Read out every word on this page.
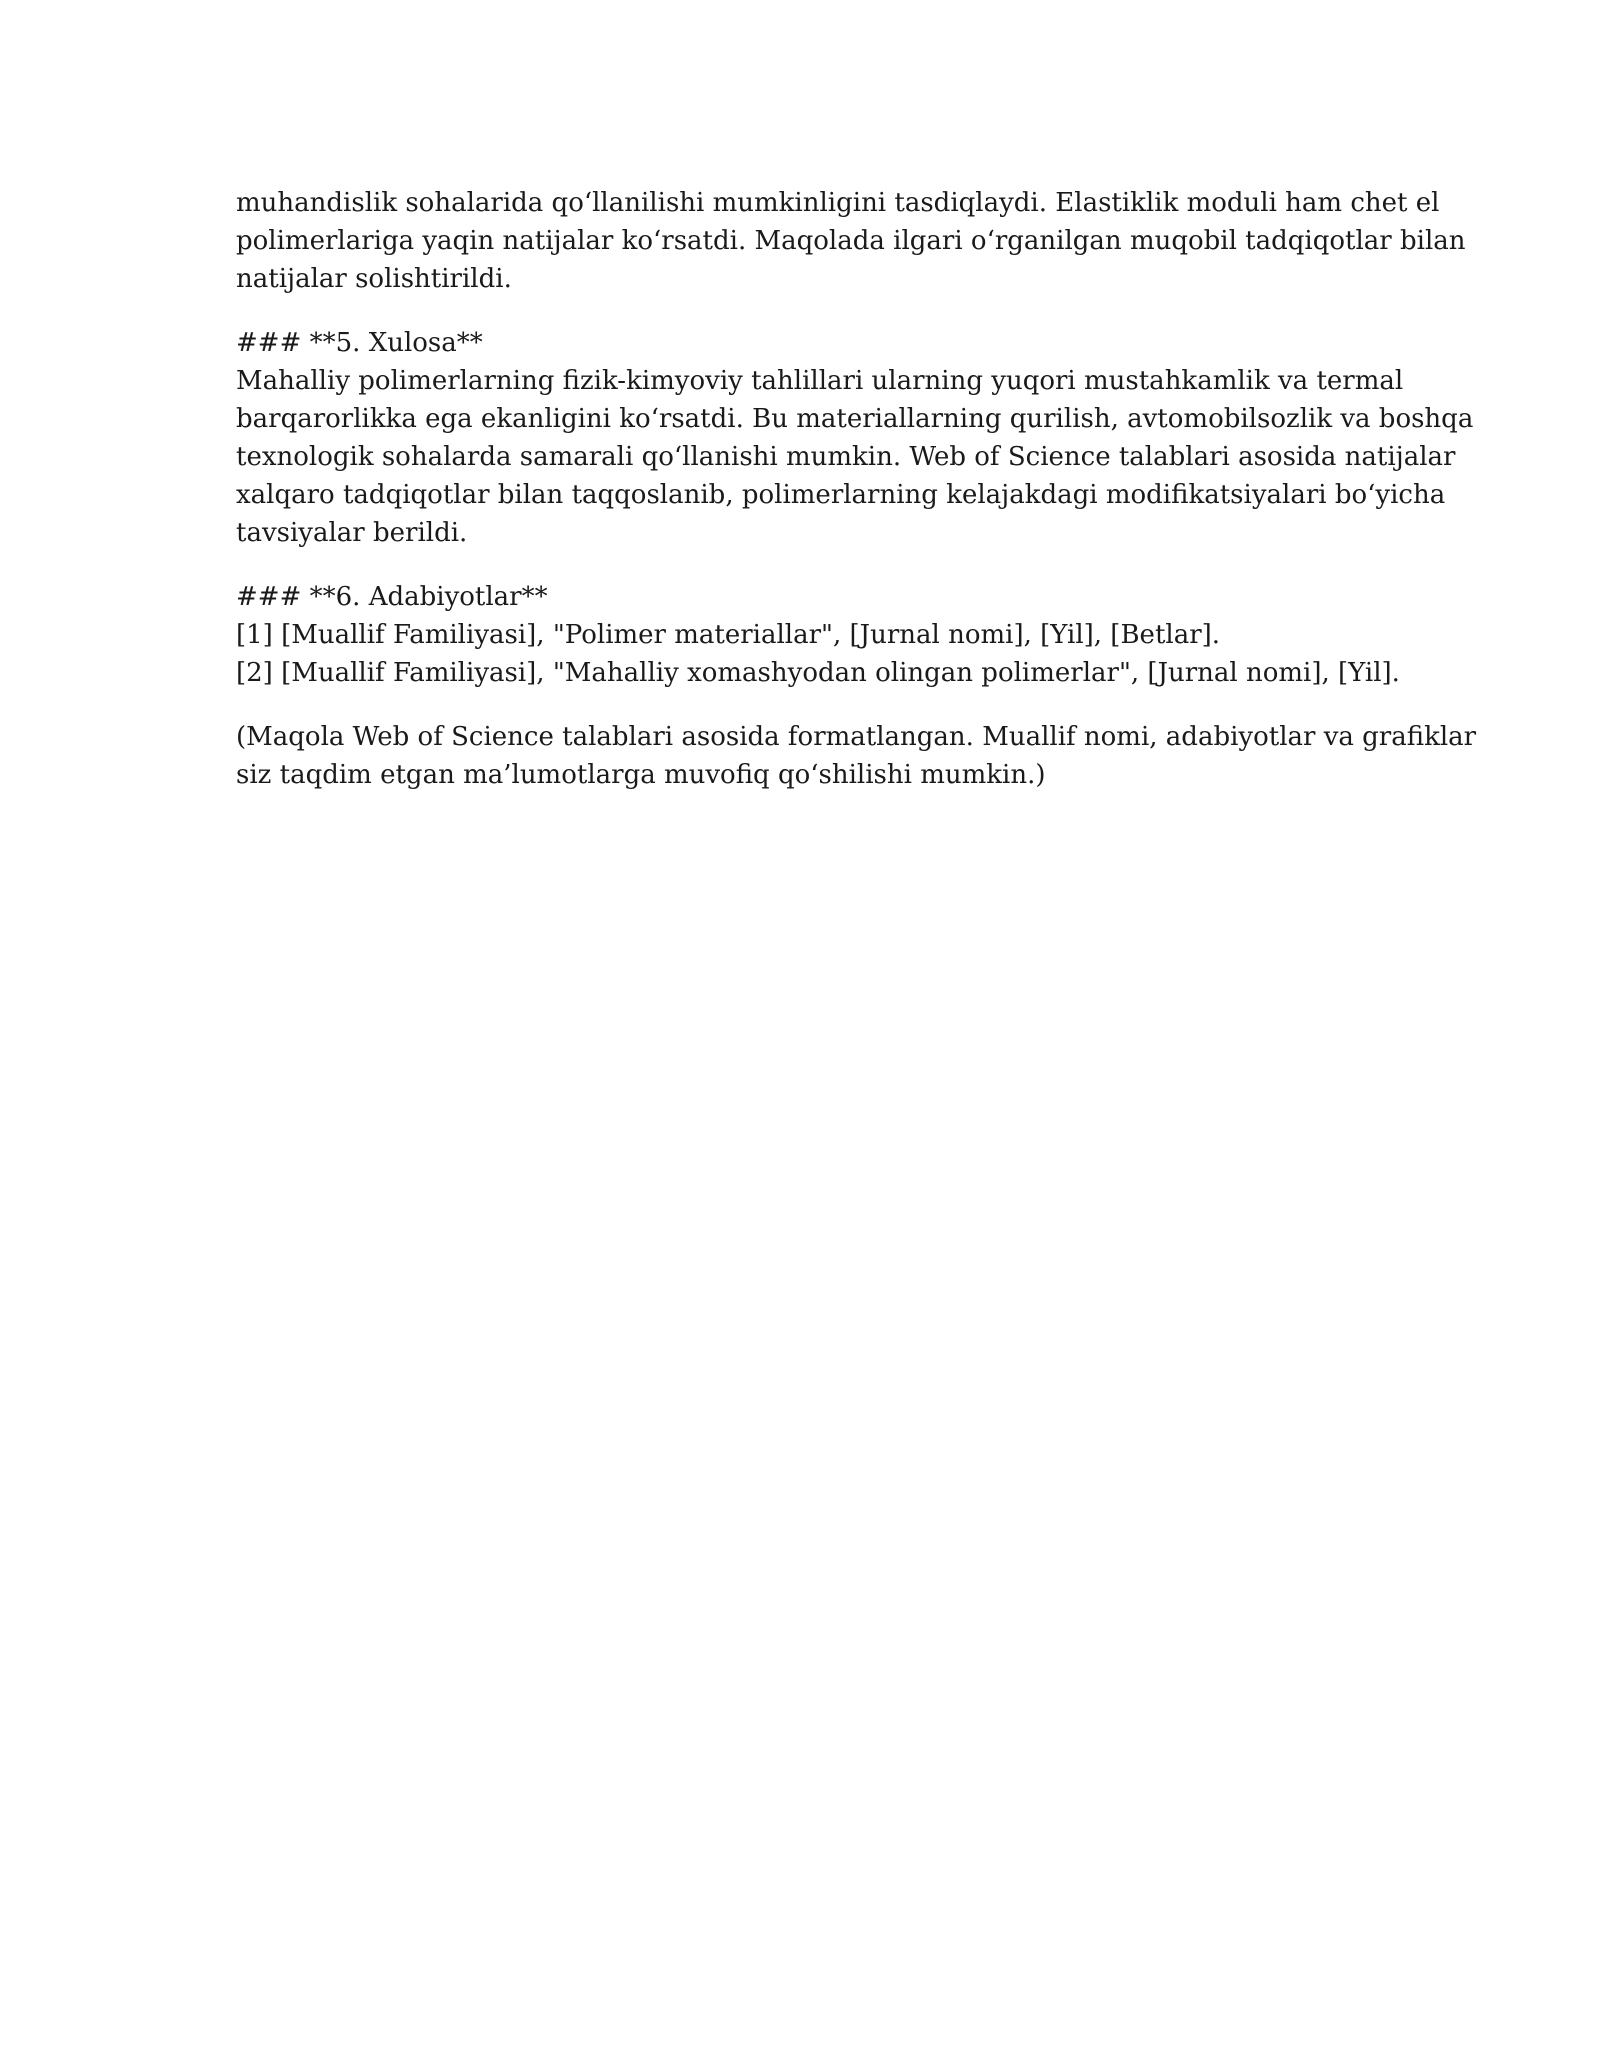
muhandislik sohalarida qo‘llanilishi mumkinligini tasdiqlaydi. Elastiklik moduli ham chet el
polimerlariga yaqin natijalar ko‘rsatdi. Maqolada ilgari o‘rganilgan muqobil tadqiqotlar bilan
natijalar solishtirildi.

### **5. Xulosa**
Mahalliy polimerlarning fizik-kimyoviy tahlillari ularning yuqori mustahkamlik va termal
barqarorlikka ega ekanligini ko‘rsatdi. Bu materiallarning qurilish, avtomobilsozlik va boshqa
texnologik sohalarda samarali qo‘llanishi mumkin. Web of Science talablari asosida natijalar
xalqaro tadqiqotlar bilan taqqoslanib, polimerlarning kelajakdagi modifikatsiyalari bo‘yicha
tavsiyalar berildi.
### **6. Adabiyotlar**
[1] [Muallif Familiyasi], "Polimer materiallar", [Jurnal nomi], [Yil], [Betlar].
[2] [Muallif Familiyasi], "Mahalliy xomashyodan olingan polimerlar", [Jurnal nomi], [Yil].

(Maqola Web of Science talablari asosida formatlangan. Muallif nomi, adabiyotlar va grafiklar
siz taqdim etgan ma’lumotlarga muvofiq qo‘shilishi mumkin.)
